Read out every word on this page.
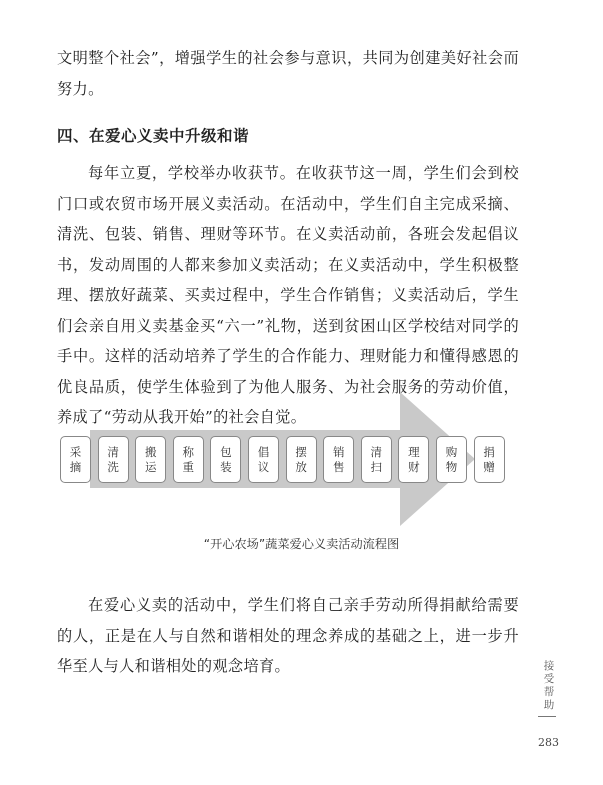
文明整个社会”，增强学生的社会参与意识，共同为创建美好社会而努力。

四、在爱心义卖中升级和谐

每年立夏，学校举办收获节。在收获节这一周，学生们会到校门口或农贸市场开展义卖活动。在活动中，学生们自主完成采摘、清洗、包装、销售、理财等环节。在义卖活动前，各班会发起倡议书，发动周围的人都来参加义卖活动；在义卖活动中，学生积极整理、摆放好蔬菜、买卖过程中，学生合作销售；义卖活动后，学生们会亲自用义卖基金买“六一”礼物，送到贫困山区学校结对同学的手中。这样的活动培养了学生的合作能力、理财能力和懂得感恩的优良品质，使学生体验到了为他人服务、为社会服务的劳动价值，养成了“劳动从我开始”的社会自觉。

采摘
清洗
搬运
称重
包装
倡议
摆放
销售
清扫
理财
购物
捐赠

“开心农场”蔬菜爱心义卖活动流程图

在爱心义卖的活动中，学生们将自己亲手劳动所得捐献给需要的人，正是在人与自然和谐相处的理念养成的基础之上，进一步升华至人与人和谐相处的观念培育。	接受帮助
283
